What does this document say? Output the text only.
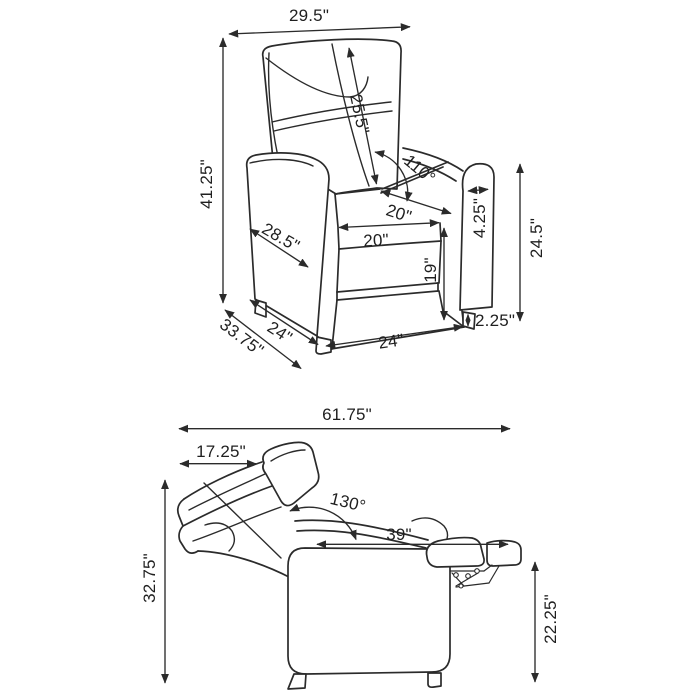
29.5"
41.25"
25.5"
110°
20"
20"
28.5"
19"
4.25" 24.5"
2.25"
24"	24"
33.75"
61.75"
17.25"
130°
39"
32.75"
22.25"
